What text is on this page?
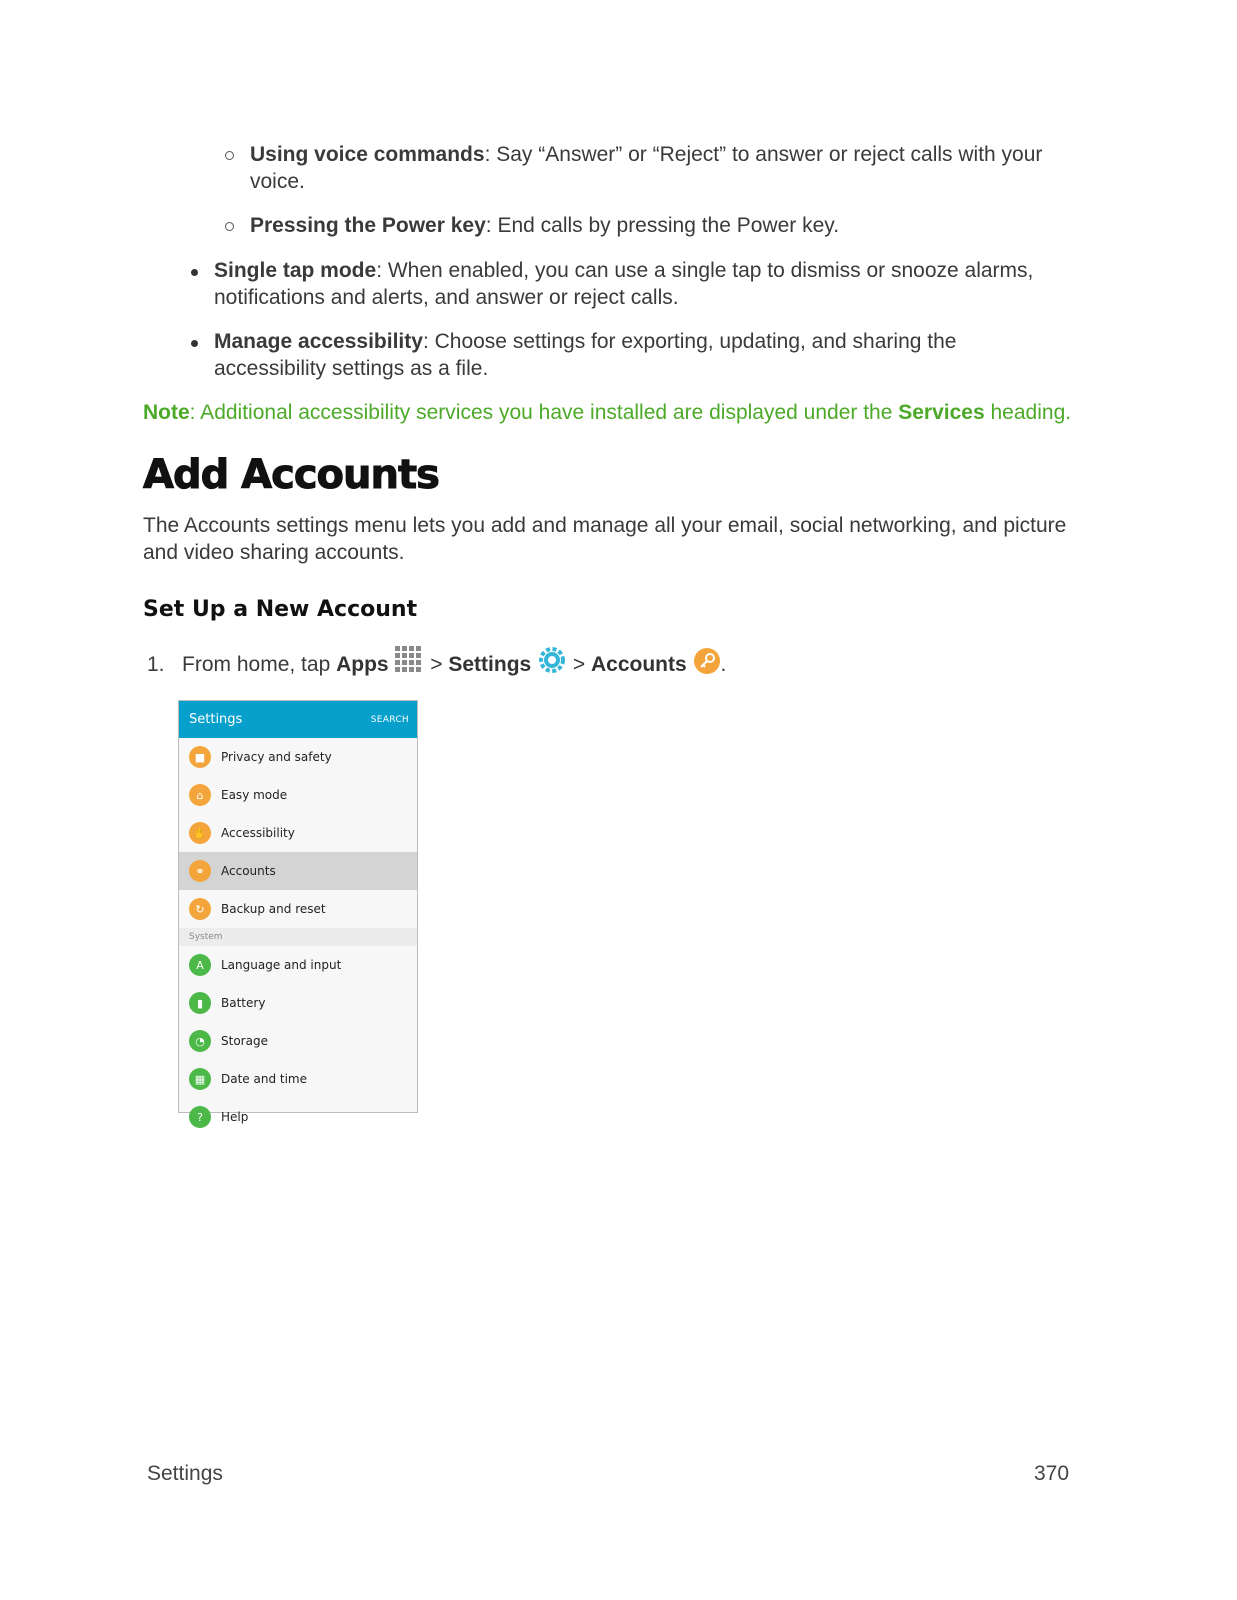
Using voice commands: Say “Answer” or “Reject” to answer or reject calls with your voice.

Pressing the Power key: End calls by pressing the Power key.

Single tap mode: When enabled, you can use a single tap to dismiss or snooze alarms, notifications and alerts, and answer or reject calls.

Manage accessibility: Choose settings for exporting, updating, and sharing the accessibility settings as a file.

Note: Additional accessibility services you have installed are displayed under the Services heading.

Add Accounts

The Accounts settings menu lets you add and manage all your email, social networking, and picture and video sharing accounts.

Set Up a New Account
1. From home, tap Apps  > Settings  > Accounts .
Settings	SEARCH
■	Privacy and safety
⌂	Easy mode
✋	Accessibility
⚭	Accounts
↻	Backup and reset
System
A	Language and input
▮	Battery
◔	Storage
▦	Date and time
?	Help
Settings	370
